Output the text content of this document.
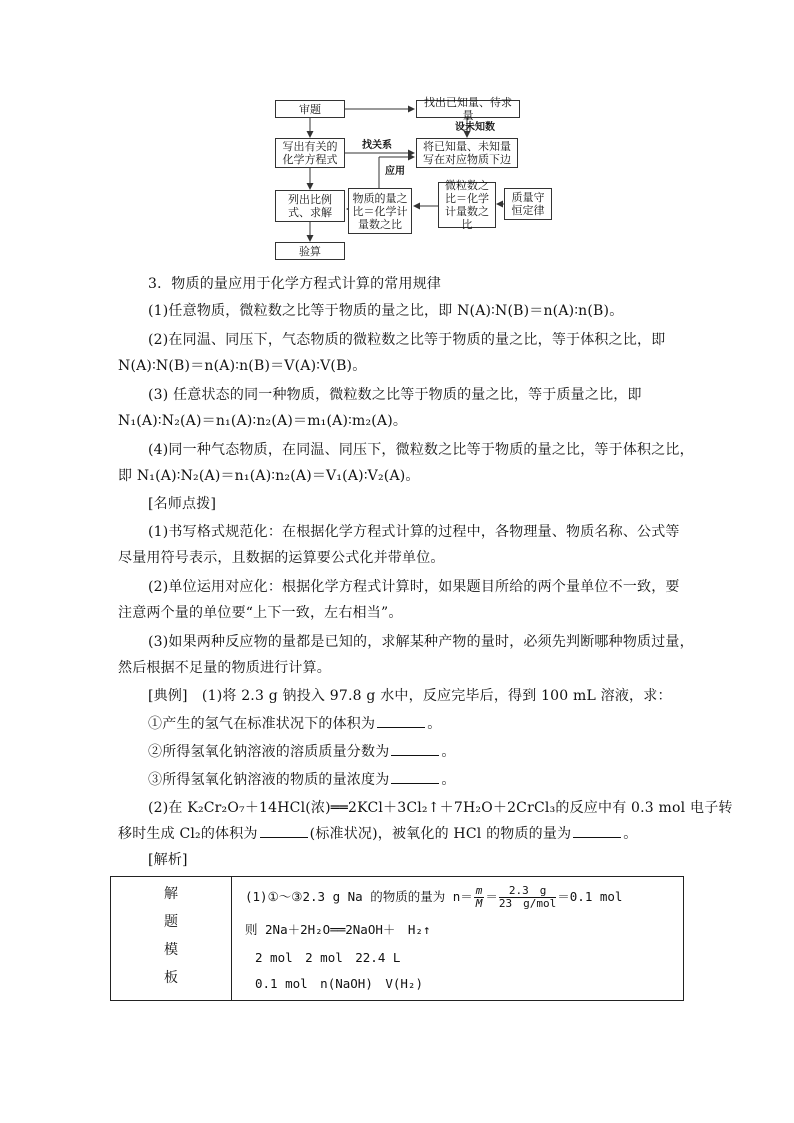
审题	找出已知量、待求量
写出有关的化学方程式
将已知量、未知量写在对应物质下边
列出比例式、求解
物质的量之比＝化学计量数之比
微粒数之比＝化学计量数之比
质量守恒定律
验算
设未知数
找关系
应用
3．物质的量应用于化学方程式计算的常用规律
(1)任意物质，微粒数之比等于物质的量之比，即 N(A)∶N(B)＝n(A)∶n(B)。
(2)在同温、同压下，气态物质的微粒数之比等于物质的量之比，等于体积之比，即
N(A)∶N(B)＝n(A)∶n(B)＝V(A)∶V(B)。
(3) 任意状态的同一种物质，微粒数之比等于物质的量之比，等于质量之比，即
N₁(A)∶N₂(A)＝n₁(A)∶n₂(A)＝m₁(A)∶m₂(A)。
(4)同一种气态物质，在同温、同压下，微粒数之比等于物质的量之比，等于体积之比，
即 N₁(A)∶N₂(A)＝n₁(A)∶n₂(A)＝V₁(A)∶V₂(A)。
[名师点拨]
(1)书写格式规范化：在根据化学方程式计算的过程中，各物理量、物质名称、公式等
尽量用符号表示，且数据的运算要公式化并带单位。
(2)单位运用对应化：根据化学方程式计算时，如果题目所给的两个量单位不一致，要
注意两个量的单位要“上下一致，左右相当”。
(3)如果两种反应物的量都是已知的，求解某种产物的量时，必须先判断哪种物质过量，
然后根据不足量的物质进行计算。
[典例]　(1)将 2.3 g 钠投入 97.8 g 水中，反应完毕后，得到 100 mL 溶液，求：
①产生的氢气在标准状况下的体积为	。
②所得氢氧化钠溶液的溶质质量分数为	。
③所得氢氧化钠溶液的物质的量浓度为	。
(2)在 K₂Cr₂O₇＋14HCl(浓)══2KCl＋3Cl₂↑＋7H₂O＋2CrCl₃的反应中有 0.3 mol 电子转
移时生成 Cl₂的体积为	(标准状况)，被氧化的 HCl 的物质的量为	。
[解析]
解
题
模
板
(1)①～③2.3 g Na 的物质的量为 $n= \frac{m}{M} = \frac{2.3 g}{\text{23　g/mol}} =0.1$ mol
则 2Na＋2H₂O══2NaOH＋　H₂↑
2 mol　2 mol　22.4 L
0.1 mol　n(NaOH)　V(H₂)
